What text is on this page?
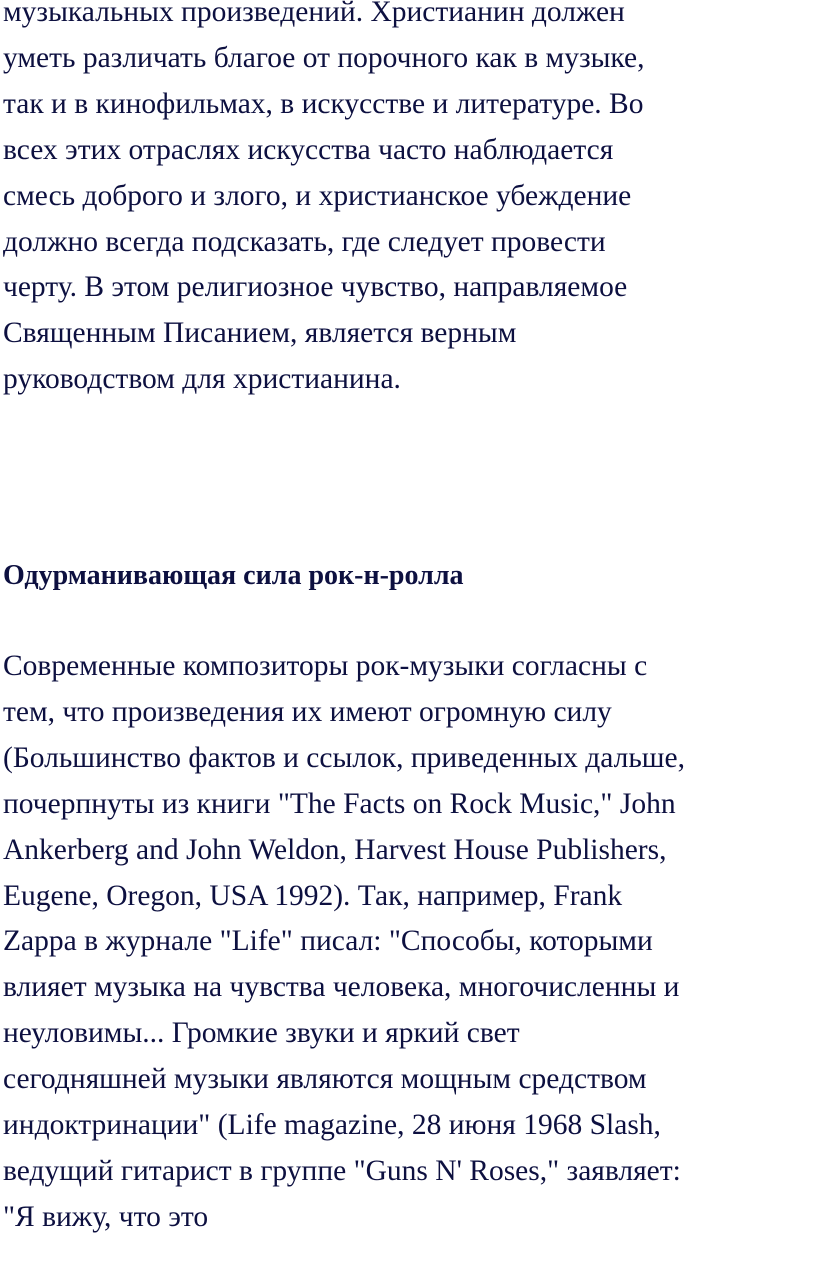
музыкальных произведений. Христианин должен
уметь различать благое от порочного как в музыке,
так и в кинофильмах, в искусстве и литературе. Во
всех этих отраслях искусства часто наблюдается
смесь доброго и злого, и христианское убеждение
должно всегда подсказать, где следует провести
черту. В этом религиозное чувство, направляемое
Священным Писанием, является верным
руководством для христианина.

Одурманивающая сила рок-н-ролла

Современные композиторы рок-музыки согласны с
тем, что произведения их имеют огромную силу
(Большинство фактов и ссылок, приведенных дальше,
почерпнуты из книги "The Facts on Rock Music," John
Ankerberg and John Weldon, Harvest House Publishers,
Eugene, Oregon, USA 1992). Так, например, Frank
Zappa в журнале "Life" писал: "Способы, которыми
влияет музыка на чувства человека, многочисленны и
неуловимы... Громкие звуки и яркий свет
сегодняшней музыки являются мощным средством
индоктринации" (Life magazine, 28 июня 1968 Slash,
ведущий гитарист в группе "Guns N' Roses," заявляет:
"Я вижу, что это
